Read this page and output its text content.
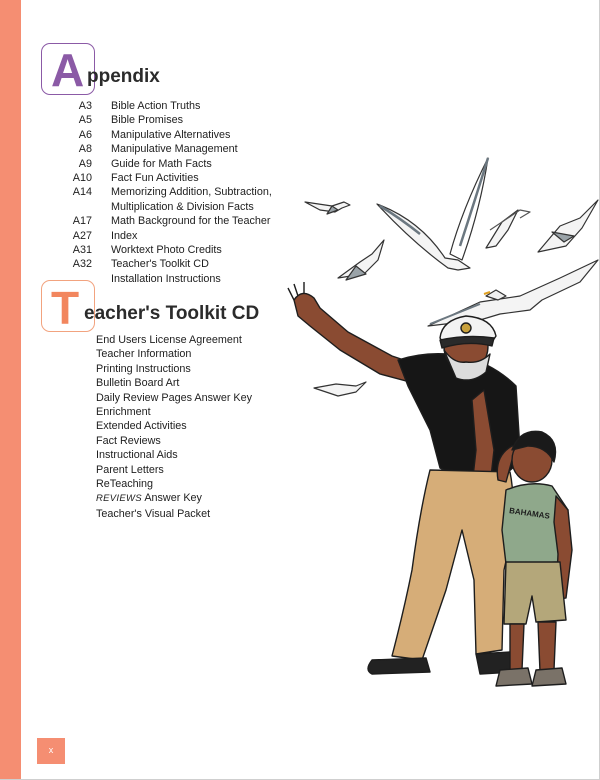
A ppendix
A3	Bible Action Truths
A5	Bible Promises
A6	Manipulative Alternatives
A8	Manipulative Management
A9	Guide for Math Facts
A10	Fact Fun Activities
A14	Memorizing Addition, Subtraction,
Multiplication & Division Facts
A17	Math Background for the Teacher
A27	Index
A31	Worktext Photo Credits
A32	Teacher's Toolkit CD
Installation Instructions
T eacher's Toolkit CD
End Users License Agreement
Teacher Information
Printing Instructions
Bulletin Board Art
Daily Review Pages Answer Key
Enrichment
Extended Activities
Fact Reviews
Instructional Aids
Parent Letters
ReTeaching
REVIEWS Answer Key
Teacher's Visual Packet	BAHAMAS
x
